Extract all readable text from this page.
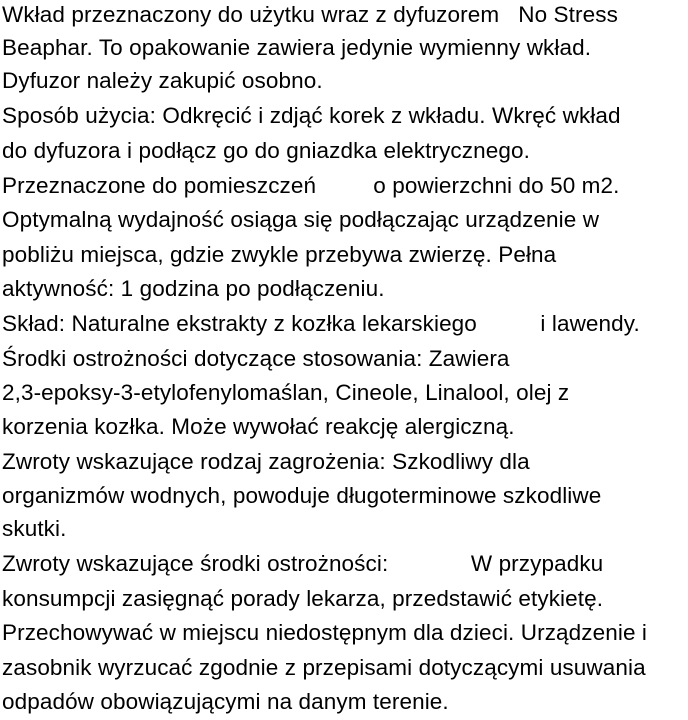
Wkład przeznaczony do użytku wraz z dyfuzorem   No Stress
Beaphar. To opakowanie zawiera jedynie wymienny wkład.
Dyfuzor należy zakupić osobno.
Sposób użycia: Odkręcić i zdjąć korek z wkładu. Wkręć wkład
do dyfuzora i podłącz go do gniazdka elektrycznego.
Przeznaczone do pomieszczeń         o powierzchni do 50 m2.
Optymalną wydajność osiąga się podłączając urządzenie w
pobliżu miejsca, gdzie zwykle przebywa zwierzę. Pełna
aktywność: 1 godzina po podłączeniu.
Skład: Naturalne ekstrakty z kozłka lekarskiego          i lawendy.
Środki ostrożności dotyczące stosowania: Zawiera
2,3-epoksy-3-etylofenylomaślan, Cineole, Linalool, olej z
korzenia kozłka. Może wywołać reakcję alergiczną.
Zwroty wskazujące rodzaj zagrożenia: Szkodliwy dla
organizmów wodnych, powoduje długoterminowe szkodliwe
skutki.
Zwroty wskazujące środki ostrożności:             W przypadku
konsumpcji zasięgnąć porady lekarza, przedstawić etykietę.
Przechowywać w miejscu niedostępnym dla dzieci. Urządzenie i
zasobnik wyrzucać zgodnie z przepisami dotyczącymi usuwania
odpadów obowiązującymi na danym terenie.
